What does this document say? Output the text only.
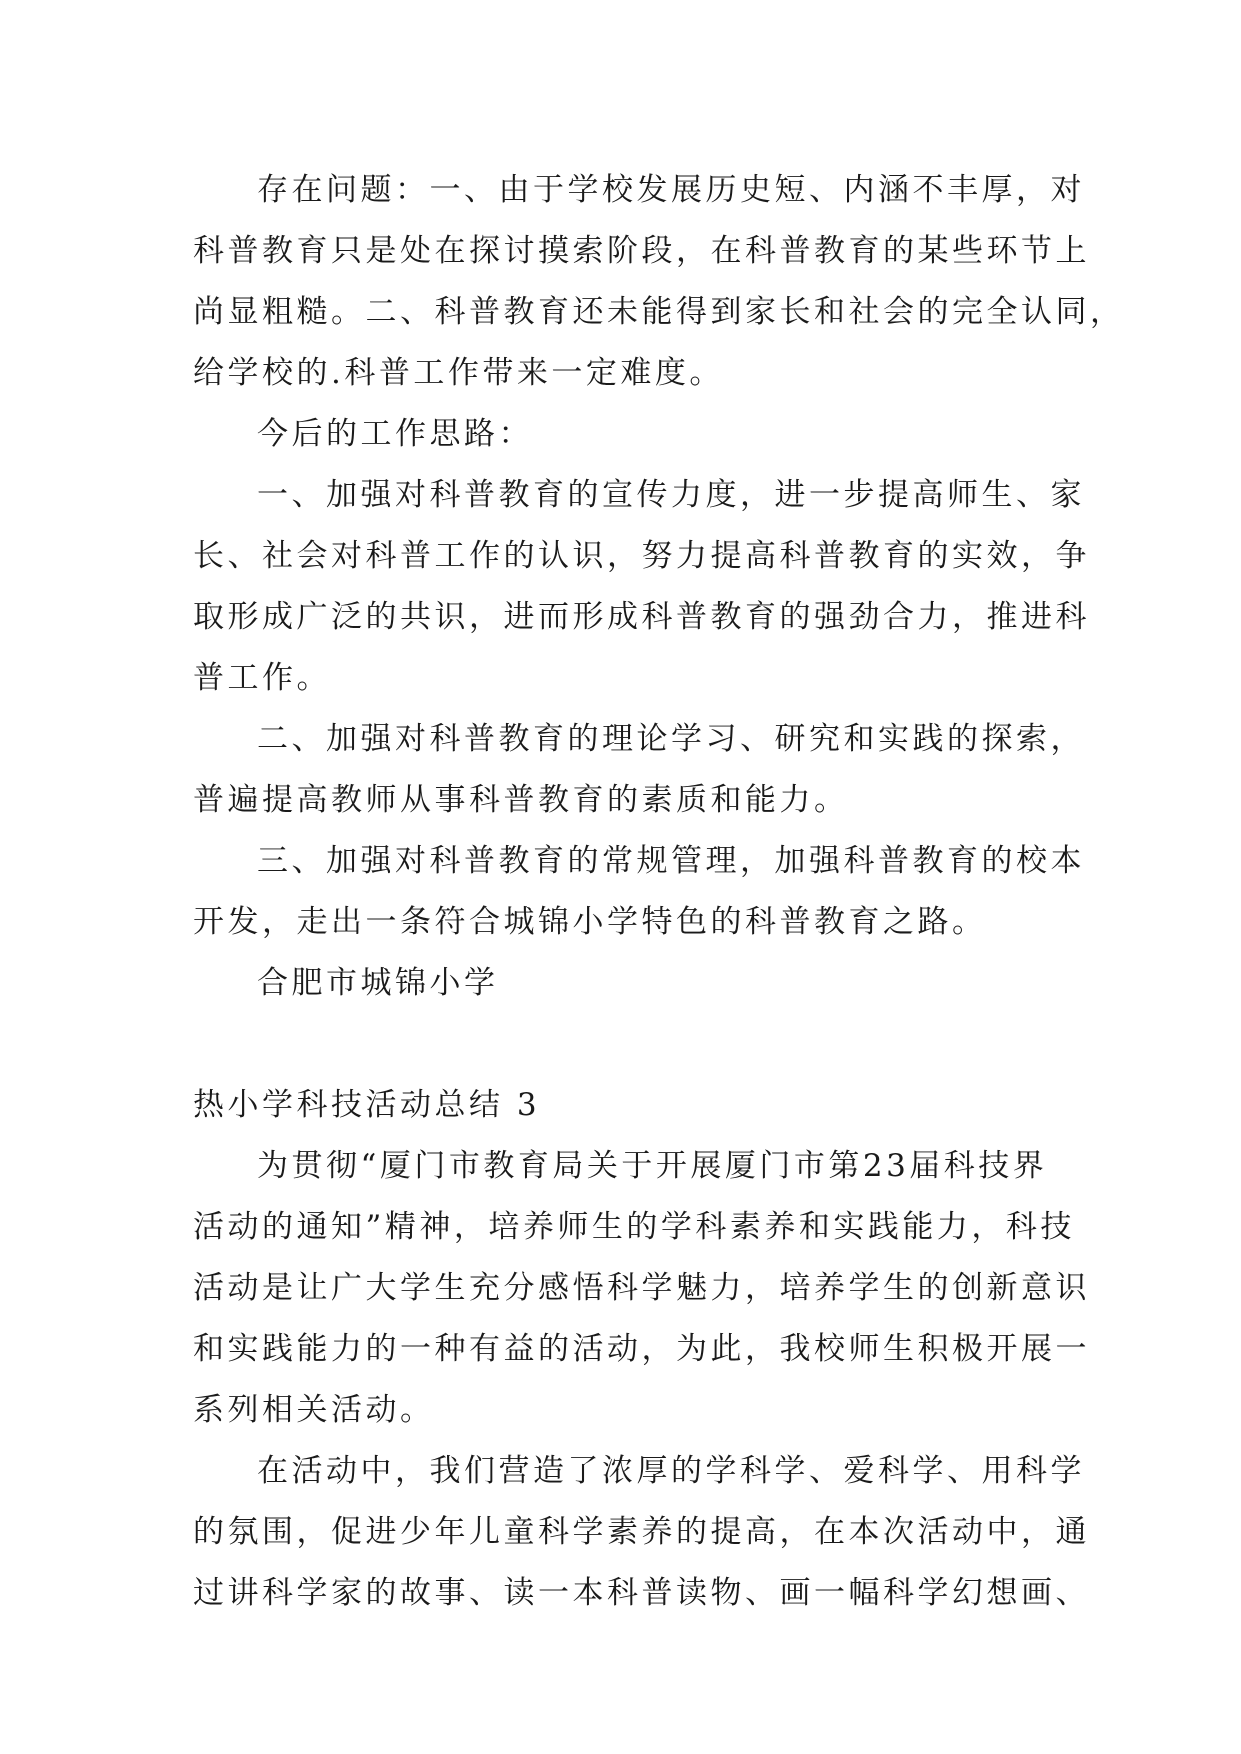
存在问题：一、由于学校发展历史短、内涵不丰厚，对
科普教育只是处在探讨摸索阶段，在科普教育的某些环节上
尚显粗糙。二、科普教育还未能得到家长和社会的完全认同，
给学校的.科普工作带来一定难度。
今后的工作思路：
一、加强对科普教育的宣传力度，进一步提高师生、家
长、社会对科普工作的认识，努力提高科普教育的实效，争
取形成广泛的共识，进而形成科普教育的强劲合力，推进科
普工作。
二、加强对科普教育的理论学习、研究和实践的探索，
普遍提高教师从事科普教育的素质和能力。
三、加强对科普教育的常规管理，加强科普教育的校本
开发，走出一条符合城锦小学特色的科普教育之路。
合肥市城锦小学
热小学科技活动总结 3
为贯彻“厦门市教育局关于开展厦门市第23届科技界
活动的通知”精神，培养师生的学科素养和实践能力，科技
活动是让广大学生充分感悟科学魅力，培养学生的创新意识
和实践能力的一种有益的活动，为此，我校师生积极开展一
系列相关活动。
在活动中，我们营造了浓厚的学科学、爱科学、用科学
的氛围，促进少年儿童科学素养的提高，在本次活动中，通
过讲科学家的故事、读一本科普读物、画一幅科学幻想画、
